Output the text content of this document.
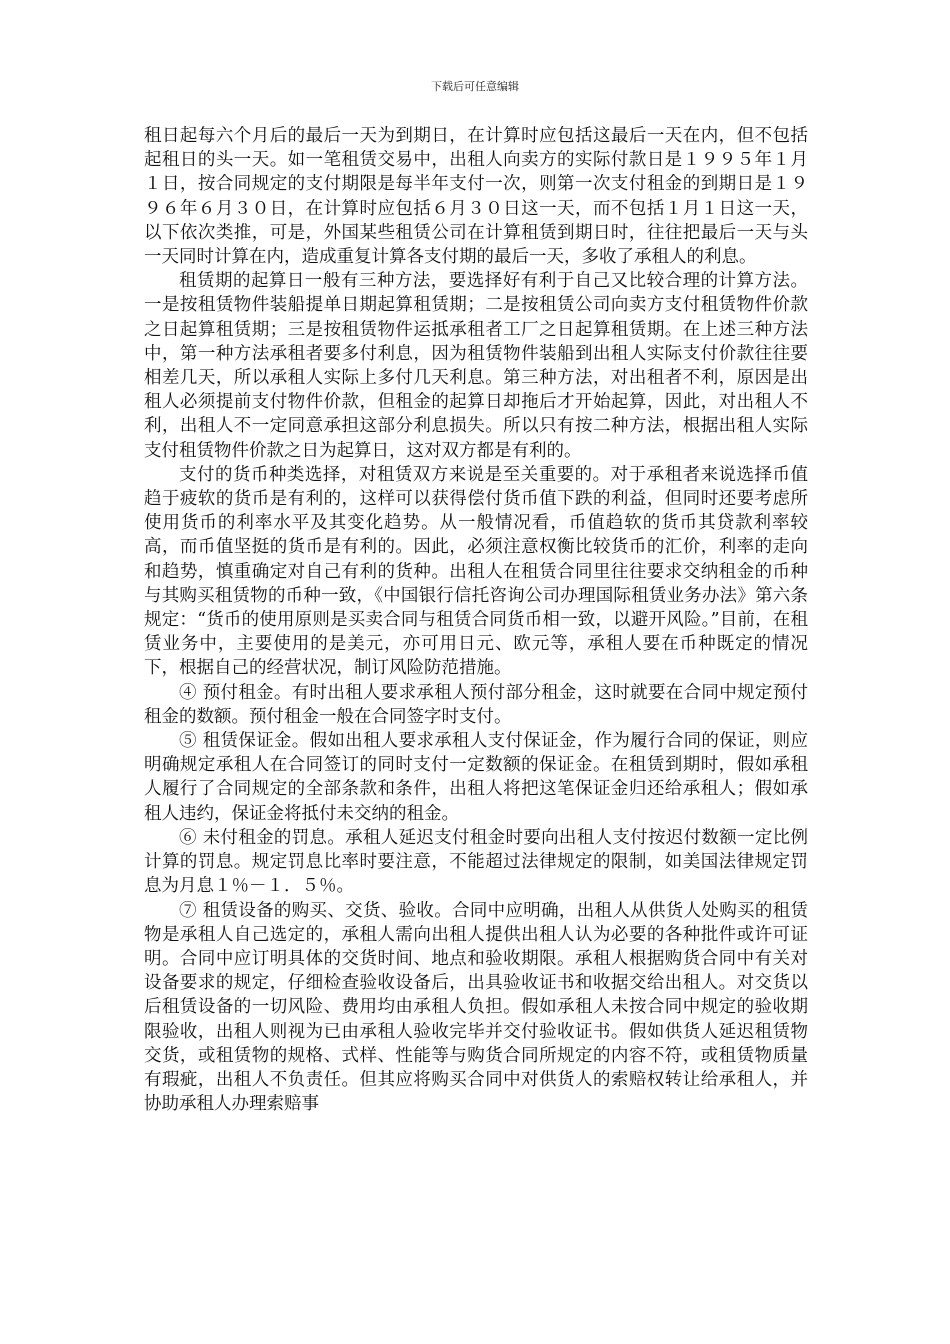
下载后可任意编辑

租日起每六个月后的最后一天为到期日，在计算时应包括这最后一天在内，但不包括起租日的头一天。如一笔租赁交易中，出租人向卖方的实际付款日是１９９５年１月１日，按合同规定的支付期限是每半年支付一次，则第一次支付租金的到期日是１９９６年６月３０日，在计算时应包括６月３０日这一天，而不包括１月１日这一天，以下依次类推，可是，外国某些租赁公司在计算租赁到期日时，往往把最后一天与头一天同时计算在内，造成重复计算各支付期的最后一天，多收了承租人的利息。

租赁期的起算日一般有三种方法，要选择好有利于自己又比较合理的计算方法。一是按租赁物件装船提单日期起算租赁期；二是按租赁公司向卖方支付租赁物件价款之日起算租赁期；三是按租赁物件运抵承租者工厂之日起算租赁期。在上述三种方法中，第一种方法承租者要多付利息，因为租赁物件装船到出租人实际支付价款往往要相差几天，所以承租人实际上多付几天利息。第三种方法，对出租者不利，原因是出租人必须提前支付物件价款，但租金的起算日却拖后才开始起算，因此，对出租人不利，出租人不一定同意承担这部分利息损失。所以只有按二种方法，根据出租人实际支付租赁物件价款之日为起算日，这对双方都是有利的。

支付的货币种类选择，对租赁双方来说是至关重要的。对于承租者来说选择币值趋于疲软的货币是有利的，这样可以获得偿付货币值下跌的利益，但同时还要考虑所使用货币的利率水平及其变化趋势。从一般情况看，币值趋软的货币其贷款利率较高，而币值坚挺的货币是有利的。因此，必须注意权衡比较货币的汇价，利率的走向和趋势，慎重确定对自己有利的货种。出租人在租赁合同里往往要求交纳租金的币种与其购买租赁物的币种一致，《中国银行信托咨询公司办理国际租赁业务办法》第六条规定：“货币的使用原则是买卖合同与租赁合同货币相一致，以避开风险。”目前，在租赁业务中，主要使用的是美元，亦可用日元、欧元等，承租人要在币种既定的情况下，根据自己的经营状况，制订风险防范措施。

④ 预付租金。有时出租人要求承租人预付部分租金，这时就要在合同中规定预付租金的数额。预付租金一般在合同签字时支付。

⑤ 租赁保证金。假如出租人要求承租人支付保证金，作为履行合同的保证，则应明确规定承租人在合同签订的同时支付一定数额的保证金。在租赁到期时，假如承租人履行了合同规定的全部条款和条件，出租人将把这笔保证金归还给承租人；假如承租人违约，保证金将抵付未交纳的租金。

⑥ 未付租金的罚息。承租人延迟支付租金时要向出租人支付按迟付数额一定比例计算的罚息。规定罚息比率时要注意，不能超过法律规定的限制，如美国法律规定罚息为月息１％－１．５％。

⑦ 租赁设备的购买、交货、验收。合同中应明确，出租人从供货人处购买的租赁物是承租人自己选定的，承租人需向出租人提供出租人认为必要的各种批件或许可证明。合同中应订明具体的交货时间、地点和验收期限。承租人根据购货合同中有关对设备要求的规定，仔细检查验收设备后，出具验收证书和收据交给出租人。对交货以后租赁设备的一切风险、费用均由承租人负担。假如承租人未按合同中规定的验收期限验收，出租人则视为已由承租人验收完毕并交付验收证书。假如供货人延迟租赁物交货，或租赁物的规格、式样、性能等与购货合同所规定的内容不符，或租赁物质量有瑕疵，出租人不负责任。但其应将购买合同中对供货人的索赔权转让给承租人，并协助承租人办理索赔事
